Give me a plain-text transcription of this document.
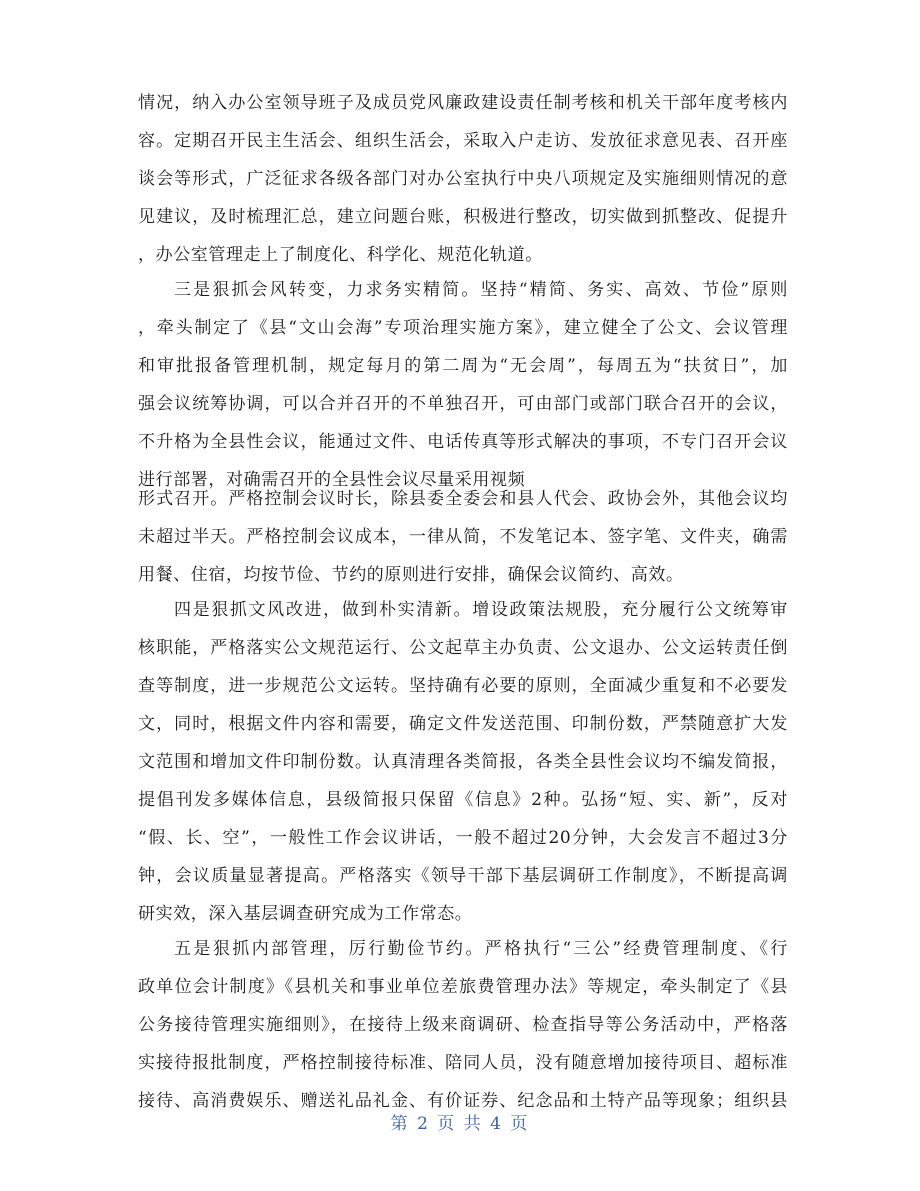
情况，纳入办公室领导班子及成员党风廉政建设责任制考核和机关干部年度考核内
容。定期召开民主生活会、组织生活会，采取入户走访、发放征求意见表、召开座
谈会等形式，广泛征求各级各部门对办公室执行中央八项规定及实施细则情况的意
见建议，及时梳理汇总，建立问题台账，积极进行整改，切实做到抓整改、促提升
，办公室管理走上了制度化、科学化、规范化轨道。
三是狠抓会风转变，力求务实精简。坚持“精简、务实、高效、节俭”原则
，牵头制定了《县“文山会海”专项治理实施方案》，建立健全了公文、会议管理
和审批报备管理机制，规定每月的第二周为“无会周”，每周五为“扶贫日”，加
强会议统筹协调，可以合并召开的不单独召开，可由部门或部门联合召开的会议，
不升格为全县性会议，能通过文件、电话传真等形式解决的事项，不专门召开会议
进行部署，对确需召开的全县性会议尽量采用视频
形式召开。严格控制会议时长，除县委全委会和县人代会、政协会外，其他会议均
未超过半天。严格控制会议成本，一律从简，不发笔记本、签字笔、文件夹，确需
用餐、住宿，均按节俭、节约的原则进行安排，确保会议简约、高效。
四是狠抓文风改进，做到朴实清新。增设政策法规股，充分履行公文统筹审
核职能，严格落实公文规范运行、公文起草主办负责、公文退办、公文运转责任倒
查等制度，进一步规范公文运转。坚持确有必要的原则，全面减少重复和不必要发
文，同时，根据文件内容和需要，确定文件发送范围、印制份数，严禁随意扩大发
文范围和增加文件印制份数。认真清理各类简报，各类全县性会议均不编发简报，
提倡刊发多媒体信息，县级简报只保留《信息》2种。弘扬“短、实、新”，反对
“假、长、空”，一般性工作会议讲话，一般不超过20分钟，大会发言不超过3分
钟，会议质量显著提高。严格落实《领导干部下基层调研工作制度》，不断提高调
研实效，深入基层调查研究成为工作常态。
五是狠抓内部管理，厉行勤俭节约。严格执行“三公”经费管理制度、《行
政单位会计制度》《县机关和事业单位差旅费管理办法》等规定，牵头制定了《县
公务接待管理实施细则》，在接待上级来商调研、检查指导等公务活动中，严格落
实接待报批制度，严格控制接待标准、陪同人员，没有随意增加接待项目、超标准
接待、高消费娱乐、赠送礼品礼金、有价证券、纪念品和土特产品等现象；组织县
第 2 页 共 4 页
